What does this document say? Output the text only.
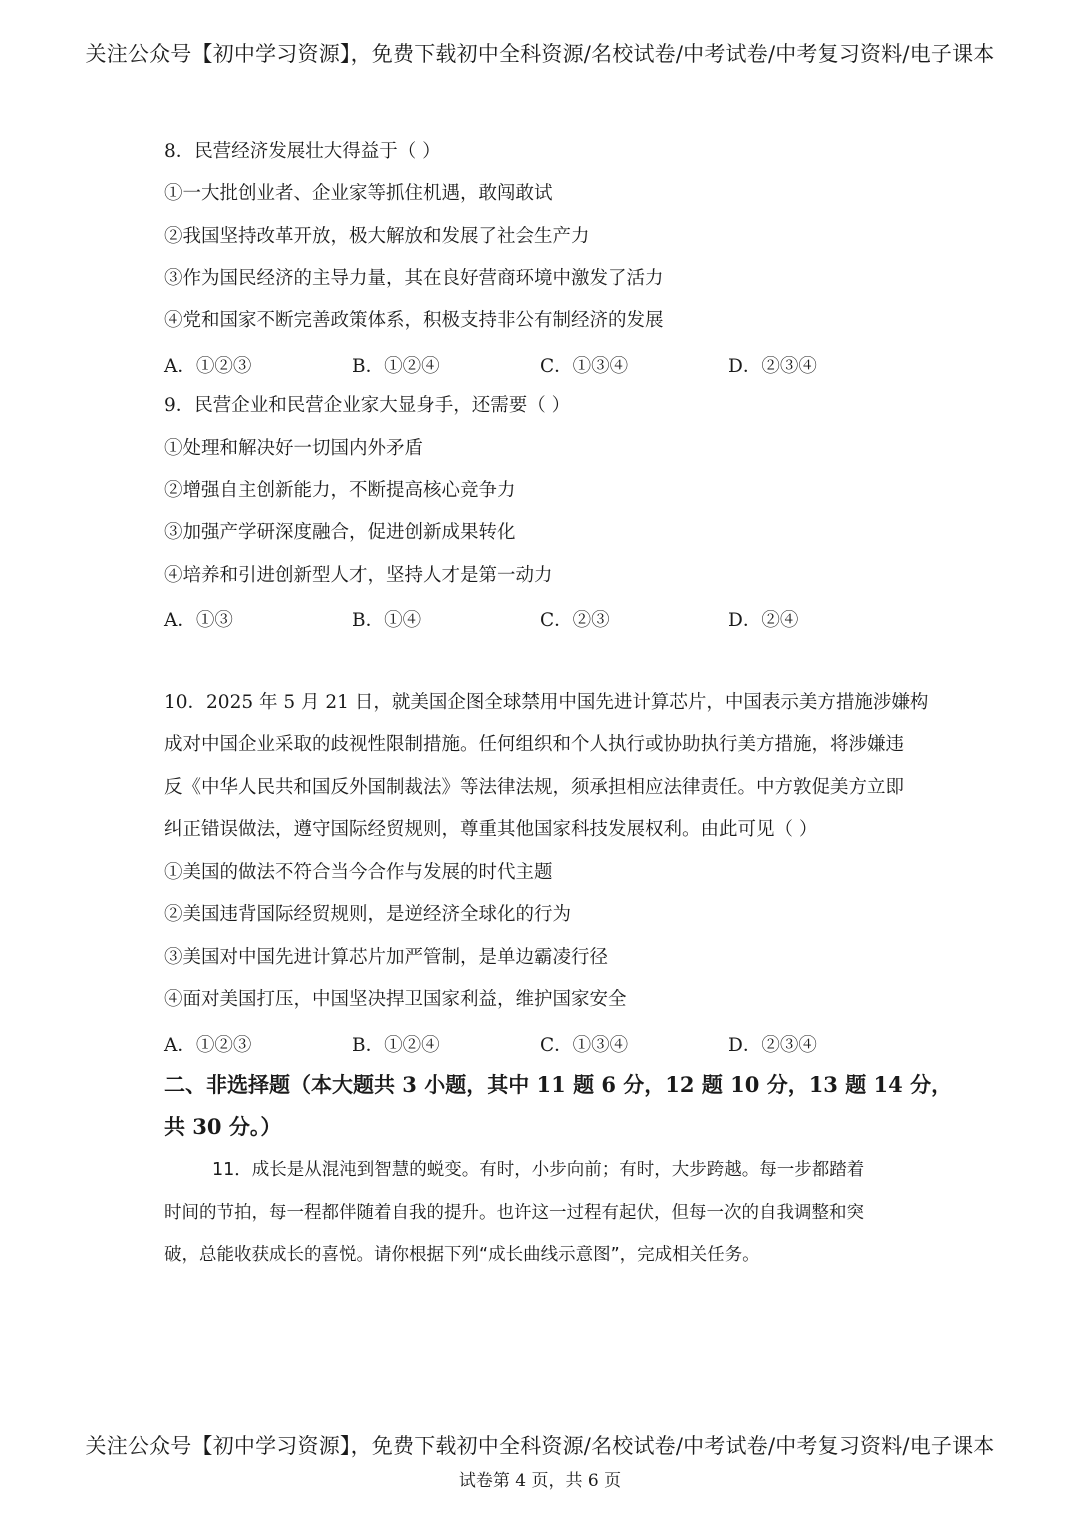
关注公众号【初中学习资源】，免费下载初中全科资源/名校试卷/中考试卷/中考复习资料/电子课本
8．民营经济发展壮大得益于（ ）
①一大批创业者、企业家等抓住机遇，敢闯敢试
②我国坚持改革开放，极大解放和发展了社会生产力
③作为国民经济的主导力量，其在良好营商环境中激发了活力
④党和国家不断完善政策体系，积极支持非公有制经济的发展
A．①②③	B．①②④	C．①③④	D．②③④
9．民营企业和民营企业家大显身手，还需要（ ）
①处理和解决好一切国内外矛盾
②增强自主创新能力，不断提高核心竞争力
③加强产学研深度融合，促进创新成果转化
④培养和引进创新型人才，坚持人才是第一动力
A．①③	B．①④	C．②③	D．②④
10．2025 年 5 月 21 日，就美国企图全球禁用中国先进计算芯片，中国表示美方措施涉嫌构
成对中国企业采取的歧视性限制措施。任何组织和个人执行或协助执行美方措施，将涉嫌违
反《中华人民共和国反外国制裁法》等法律法规，须承担相应法律责任。中方敦促美方立即
纠正错误做法，遵守国际经贸规则，尊重其他国家科技发展权利。由此可见（ ）
①美国的做法不符合当今合作与发展的时代主题
②美国违背国际经贸规则，是逆经济全球化的行为
③美国对中国先进计算芯片加严管制，是单边霸凌行径
④面对美国打压，中国坚决捍卫国家利益，维护国家安全
A．①②③	B．①②④	C．①③④	D．②③④
二、非选择题（本大题共 3 小题，其中 11 题 6 分，12 题 10 分，13 题 14 分，
共 30 分。）
11．成长是从混沌到智慧的蜕变。有时，小步向前；有时，大步跨越。每一步都踏着
时间的节拍，每一程都伴随着自我的提升。也许这一过程有起伏，但每一次的自我调整和突
破，总能收获成长的喜悦。请你根据下列“成长曲线示意图”，完成相关任务。
关注公众号【初中学习资源】，免费下载初中全科资源/名校试卷/中考试卷/中考复习资料/电子课本
试卷第 4 页，共 6 页
